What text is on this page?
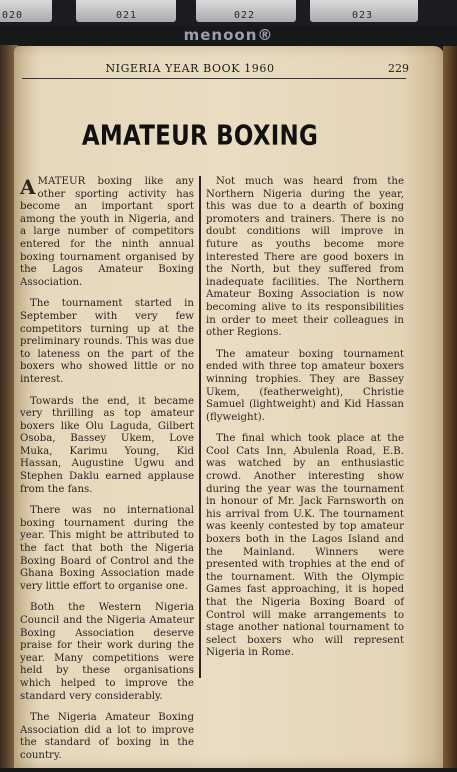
020	021	022	023
menoon®
NIGERIA YEAR BOOK 1960	229
AMATEUR BOXING

AMATEUR boxing like any other sporting activity has become an important sport among the youth in Nigeria, and a large number of competitors entered for the ninth annual boxing tournament organised by the Lagos Amateur Boxing Association.

The tournament started in September with very few competitors turning up at the preliminary rounds. This was due to lateness on the part of the boxers who showed little or no interest.

Towards the end, it became very thrilling as top amateur boxers like Olu Laguda, Gilbert Osoba, Bassey Ukem, Love Muka, Karimu Young, Kid Hassan, Augustine Ugwu and Stephen Daklu earned applause from the fans.

There was no international boxing tournament during the year. This might be attributed to the fact that both the Nigeria Boxing Board of Control and the Ghana Boxing Association made very little effort to organise one.

Both the Western Nigeria Council and the Nigeria Amateur Boxing Association deserve praise for their work during the year. Many competitions were held by these organisations which helped to improve the standard very considerably.

The Nigeria Amateur Boxing Association did a lot to improve the standard of boxing in the country.

Not much was heard from the Northern Nigeria during the year, this was due to a dearth of boxing promoters and trainers. There is no doubt conditions will improve in future as youths become more interested There are good boxers in the North, but they suffered from inadequate facilities. The Northern Amateur Boxing Association is now becoming alive to its responsibilities in order to meet their colleagues in other Regions.

The amateur boxing tournament ended with three top amateur boxers winning trophies. They are Bassey Ukem, (featherweight), Christie Samuel (lightweight) and Kid Hassan (flyweight).

The final which took place at the Cool Cats Inn, Abulenla Road, E.B. was watched by an enthusiastic crowd. Another interesting show during the year was the tournament in honour of Mr. Jack Farnsworth on his arrival from U.K. The tournament was keenly contested by top amateur boxers both in the Lagos Island and the Mainland. Winners were presented with trophies at the end of the tournament. With the Olympic Games fast approaching, it is hoped that the Nigeria Boxing Board of Control will make arrangements to stage another national tournament to select boxers who will represent Nigeria in Rome.
